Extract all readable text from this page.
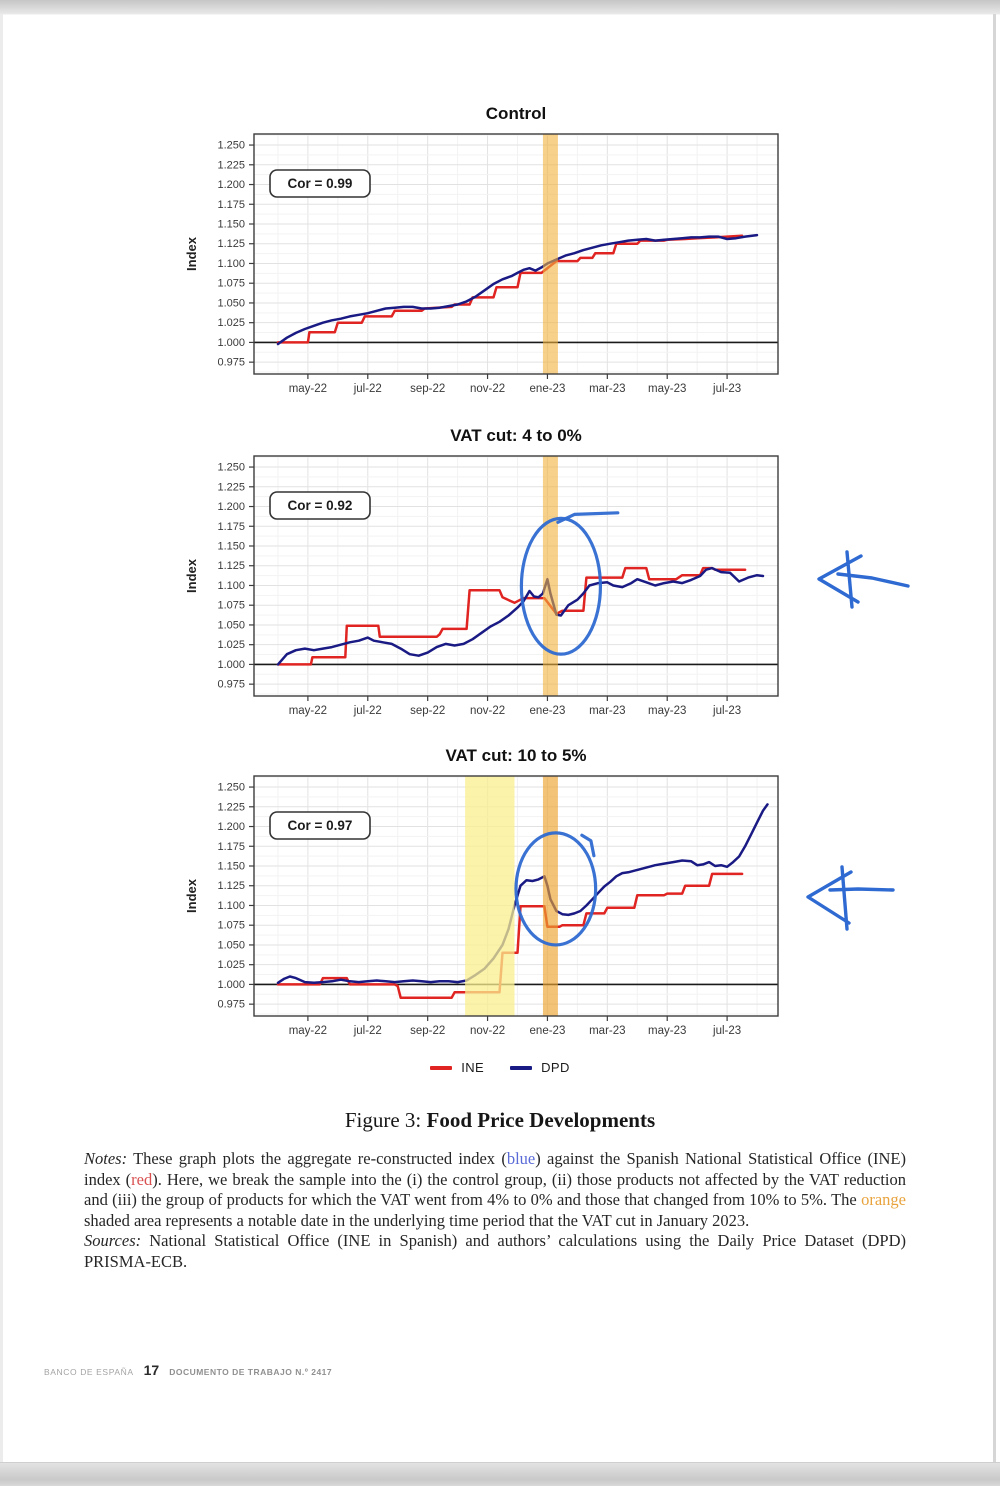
may-22 jul-22 sep-22 nov-22 ene-23 mar-23 may-23 jul-23
1.250
1.225
1.200
1.175
1.150
1.125
1.100
1.075
1.050
1.025
1.000
0.975
Control
Index
Cor = 0.99
may-22 jul-22 sep-22 nov-22 ene-23 mar-23 may-23 jul-23
1.250
1.225
1.200
1.175
1.150
1.125
1.100
1.075
1.050
1.025
1.000
0.975
VAT cut: 4 to 0%
Index
Cor = 0.92
may-22 jul-22 sep-22 nov-22 ene-23 mar-23 may-23 jul-23
1.250
1.225
1.200
1.175
1.150
1.125
1.100
1.075
1.050
1.025
1.000
0.975
VAT cut: 10 to 5%
Index
Cor = 0.97
INE	DPD
Figure 3: Food Price Developments

Notes: These graph plots the aggregate re-constructed index (blue) against the Spanish National Statistical Office (INE) index (red). Here, we break the sample into the (i) the control group, (ii) those products not affected by the VAT reduction and (iii) the group of products for which the VAT went from 4% to 0% and those that changed from 10% to 5%. The orange shaded area represents a notable date in the underlying time period that the VAT cut in January 2023.

Sources: National Statistical Office (INE in Spanish) and authors’ calculations using the Daily Price Dataset (DPD) PRISMA-ECB.

BANCO DE ESPAÑA 17 DOCUMENTO DE TRABAJO N.º 2417
